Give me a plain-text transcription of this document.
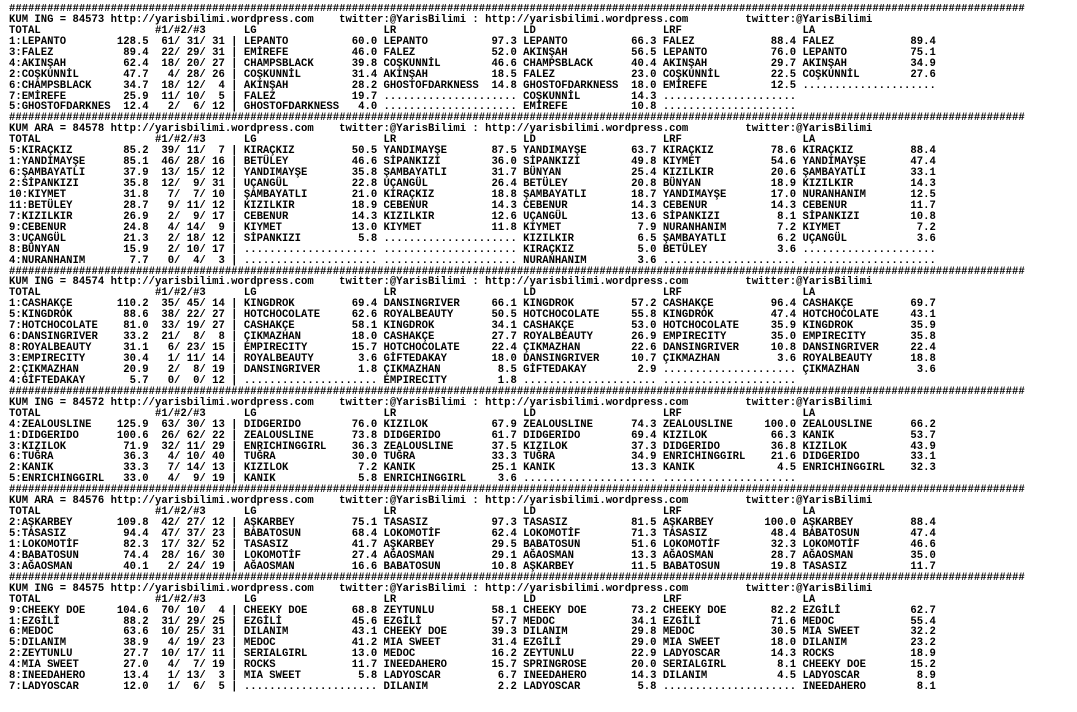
################################################################################################################################################################
KUM ING = 84573 http://yarisbilimi.wordpress.com    twitter:@YarisBilimi : http://yarisbilimi.wordpress.com         twitter:@YarisBilimi
TOTAL                  #1/#2/#3      LG                    LR                    LD                    LRF                   LA
1:LEPANTO        128.5  61/ 31/ 31 | LEPANTO          60.0 LEPANTO          97.3 LEPANTO          66.3 FALEZ            88.4 FALEZ            89.4
3:FALEZ           89.4  22/ 29/ 31 | EMİREFE          46.0 FALEZ            52.0 AKINŞAH          56.5 LEPANTO          76.0 LEPANTO          75.1
4:AKINŞAH         62.4  18/ 20/ 27 | CHAMPSBLACK      39.8 COŞKUNNİL        46.6 CHAMPSBLACK      40.4 AKINŞAH          29.7 AKINŞAH          34.9
2:COŞKUNNİL       47.7   4/ 28/ 26 | COŞKUNNİL        31.4 AKINŞAH          18.5 FALEZ            23.0 COŞKUNNİL        22.5 COŞKUNNİL        27.6
6:CHAMPSBLACK     34.7  18/ 12/  4 | AKINŞAH          28.2 GHOSTOFDARKNESS  14.8 GHOSTOFDARKNESS  18.0 EMİREFE          12.5 .....................
7:EMİREFE         25.9  11/ 10/  5 | FALEZ            19.7 ..................... COŞKUNNİL        14.3 .....................
5:GHOSTOFDARKNES  12.4   2/  6/ 12 | GHOSTOFDARKNESS   4.0 ..................... EMİREFE          10.8 .....................
################################################################################################################################################################
KUM ARA = 84578 http://yarisbilimi.wordpress.com    twitter:@YarisBilimi : http://yarisbilimi.wordpress.com         twitter:@YarisBilimi
TOTAL                  #1/#2/#3      LG                    LR                    LD                    LRF                   LA
5:KIRAÇKIZ        85.2  39/ 11/  7 | KIRAÇKIZ         50.5 YANDIMAYŞE       87.5 YANDIMAYŞE       63.7 KIRAÇKIZ         78.6 KIRAÇKIZ         88.4
1:YANDIMAYŞE      85.1  46/ 28/ 16 | BETÜLEY          46.6 SİPANKIZI        36.0 SİPANKIZI        49.8 KIYMET           54.6 YANDIMAYŞE       47.4
6:ŞAMBAYATLI      37.9  13/ 15/ 12 | YANDIMAYŞE       35.8 ŞAMBAYATLI       31.7 BÜNYAN           25.4 KIZILKIR         20.6 ŞAMBAYATLI       33.1
2:SİPANKIZI       35.8  12/  9/ 31 | UÇANGÜL          22.8 UÇANGÜL          26.4 BETÜLEY          20.8 BÜNYAN           18.9 KIZILKIR         14.3
10:KIYMET         31.8   7/  7/ 10 | ŞAMBAYATLI       21.0 KIRAÇKIZ         18.8 ŞAMBAYATLI       18.7 YANDIMAYŞE       17.0 NURANHANIM       12.5
11:BETÜLEY        28.7   9/ 11/ 12 | KIZILKIR         18.9 CEBENUR          14.3 CEBENUR          14.3 CEBENUR          14.3 CEBENUR          11.7
7:KIZILKIR        26.9   2/  9/ 17 | CEBENUR          14.3 KIZILKIR         12.6 UÇANGÜL          13.6 SİPANKIZI         8.1 SİPANKIZI        10.8
9:CEBENUR         24.8   4/ 14/  9 | KIYMET           13.0 KIYMET           11.8 KIYMET            7.9 NURANHANIM        7.2 KIYMET            7.2
3:UÇANGÜL         21.3   2/ 18/ 12 | SİPANKIZI         5.8 ..................... KIZILKIR          6.5 ŞAMBAYATLI        6.2 UÇANGÜL           3.6
8:BÜNYAN          15.9   2/ 10/ 17 | ..................... ..................... KIRAÇKIZ          5.0 BETÜLEY           3.6 .....................
4:NURANHANIM       7.7   0/  4/  3 | ..................... ..................... NURANHANIM        3.6 ..................... .....................
################################################################################################################################################################
KUM ING = 84574 http://yarisbilimi.wordpress.com    twitter:@YarisBilimi : http://yarisbilimi.wordpress.com         twitter:@YarisBilimi
TOTAL                  #1/#2/#3      LG                    LR                    LD                    LRF                   LA
1:CASHAKÇE       110.2  35/ 45/ 14 | KINGDROK         69.4 DANSINGRIVER     66.1 KINGDROK         57.2 CASHAKÇE         96.4 CASHAKÇE         69.7
5:KINGDROK        88.6  38/ 22/ 27 | HOTCHOCOLATE     62.6 ROYALBEAUTY      50.5 HOTCHOCOLATE     55.8 KINGDROK         47.4 HOTCHOCOLATE     43.1
7:HOTCHOCOLATE    81.0  33/ 19/ 27 | CASHAKÇE         58.1 KINGDROK         34.1 CASHAKÇE         53.0 HOTCHOCOLATE     35.9 KINGDROK         35.9
6:DANSINGRIVER    33.2  21/  8/  8 | ÇIKMAZHAN        18.0 CASHAKÇE         27.7 ROYALBEAUTY      26.9 EMPIRECITY       35.0 EMPIRECITY       35.8
8:ROYALBEAUTY     31.1   6/ 23/ 15 | EMPIRECITY       15.7 HOTCHOCOLATE     22.4 ÇIKMAZHAN        22.6 DANSINGRIVER     10.8 DANSINGRIVER     22.4
3:EMPIRECITY      30.4   1/ 11/ 14 | ROYALBEAUTY       3.6 GİFTEDAKAY       18.0 DANSINGRIVER     10.7 ÇIKMAZHAN         3.6 ROYALBEAUTY      18.8
2:ÇIKMAZHAN       20.9   2/  8/ 19 | DANSINGRIVER      1.8 ÇIKMAZHAN         8.5 GİFTEDAKAY        2.9 ..................... ÇIKMAZHAN         3.6
4:GİFTEDAKAY       5.7   0/  0/ 12 | ..................... EMPIRECITY        1.8 ..................... .....................
################################################################################################################################################################
KUM ING = 84572 http://yarisbilimi.wordpress.com    twitter:@YarisBilimi : http://yarisbilimi.wordpress.com         twitter:@YarisBilimi
TOTAL                  #1/#2/#3      LG                    LR                    LD                    LRF                   LA
4:ZEALOUSLINE    125.9  63/ 30/ 13 | DIDGERIDO        76.0 KIZILOK          67.9 ZEALOUSLINE      74.3 ZEALOUSLINE     100.0 ZEALOUSLINE      66.2
1:DIDGERIDO      100.6  26/ 62/ 22 | ZEALOUSLINE      73.8 DIDGERIDO        61.7 DIDGERIDO        69.4 KIZILOK          66.3 KANIK            53.7
3:KIZILOK         71.9  32/ 11/ 29 | ENRICHINGGIRL    36.3 ZEALOUSLINE      37.5 KIZILOK          37.3 DIDGERIDO        36.8 KIZILOK          43.9
6:TUĞRA           36.3   4/ 10/ 40 | TUĞRA            30.0 TUĞRA            33.3 TUĞRA            34.9 ENRICHINGGIRL    21.6 DIDGERIDO        33.1
2:KANIK           33.3   7/ 14/ 13 | KIZILOK           7.2 KANIK            25.1 KANIK            13.3 KANIK             4.5 ENRICHINGGIRL    32.3
5:ENRICHINGGIRL   33.0   4/  9/ 19 | KANIK             5.8 ENRICHINGGIRL     3.6 ..................... .....................
################################################################################################################################################################
KUM ARA = 84576 http://yarisbilimi.wordpress.com    twitter:@YarisBilimi : http://yarisbilimi.wordpress.com         twitter:@YarisBilimi
TOTAL                  #1/#2/#3      LG                    LR                    LD                    LRF                   LA
2:AŞKARBEY       109.8  42/ 27/ 12 | AŞKARBEY         75.1 TASASIZ          97.3 TASASIZ          81.5 AŞKARBEY        100.0 AŞKARBEY         88.4
5:TASASIZ         94.4  47/ 37/ 23 | BABATOSUN        68.4 LOKOMOTİF        62.4 LOKOMOTİF        71.3 TASASIZ          48.4 BABATOSUN        47.4
1:LOKOMOTİF       82.3  17/ 32/ 52 | TASASIZ          41.7 AŞKARBEY         29.5 BABATOSUN        51.6 LOKOMOTİF        32.3 LOKOMOTİF        46.6
4:BABATOSUN       74.4  28/ 16/ 30 | LOKOMOTİF        27.4 AĞAOSMAN         29.1 AĞAOSMAN         13.3 AĞAOSMAN         28.7 AĞAOSMAN         35.0
3:AĞAOSMAN        40.1   2/ 24/ 19 | AĞAOSMAN         16.6 BABATOSUN        10.8 AŞKARBEY         11.5 BABATOSUN        19.8 TASASIZ          11.7
################################################################################################################################################################
KUM ING = 84575 http://yarisbilimi.wordpress.com    twitter:@YarisBilimi : http://yarisbilimi.wordpress.com         twitter:@YarisBilimi
TOTAL                  #1/#2/#3      LG                    LR                    LD                    LRF                   LA
9:CHEEKY DOE     104.6  70/ 10/  4 | CHEEKY DOE       68.8 ZEYTUNLU         58.1 CHEEKY DOE       73.2 CHEEKY DOE       82.2 EZGİLİ           62.7
1:EZGİLİ          88.2  31/ 29/ 25 | EZGİLİ           45.6 EZGİLİ           57.7 MEDOC            34.1 EZGİLİ           71.6 MEDOC            55.4
6:MEDOC           63.6  10/ 25/ 31 | DILANIM          43.1 CHEEKY DOE       39.3 DILANIM          29.8 MEDOC            30.5 MIA SWEET        32.2
5:DILANIM         38.9   4/ 19/ 23 | MEDOC            41.2 MIA SWEET        31.4 EZGİLİ           29.0 MIA SWEET        18.0 DILANIM          23.2
2:ZEYTUNLU        27.7  10/ 17/ 11 | SERIALGIRL       13.0 MEDOC            16.2 ZEYTUNLU         22.9 LADYOSCAR        14.3 ROCKS            18.9
4:MIA SWEET       27.0   4/  7/ 19 | ROCKS            11.7 INEEDAHERO       15.7 SPRINGROSE       20.0 SERIALGIRL        8.1 CHEEKY DOE       15.2
8:INEEDAHERO      13.4   1/ 13/  3 | MIA SWEET         5.8 LADYOSCAR         6.7 INEEDAHERO       14.3 DILANIM           4.5 LADYOSCAR         8.9
7:LADYOSCAR       12.0   1/  6/  5 | ..................... DILANIM           2.2 LADYOSCAR         5.8 ..................... INEEDAHERO        8.1
